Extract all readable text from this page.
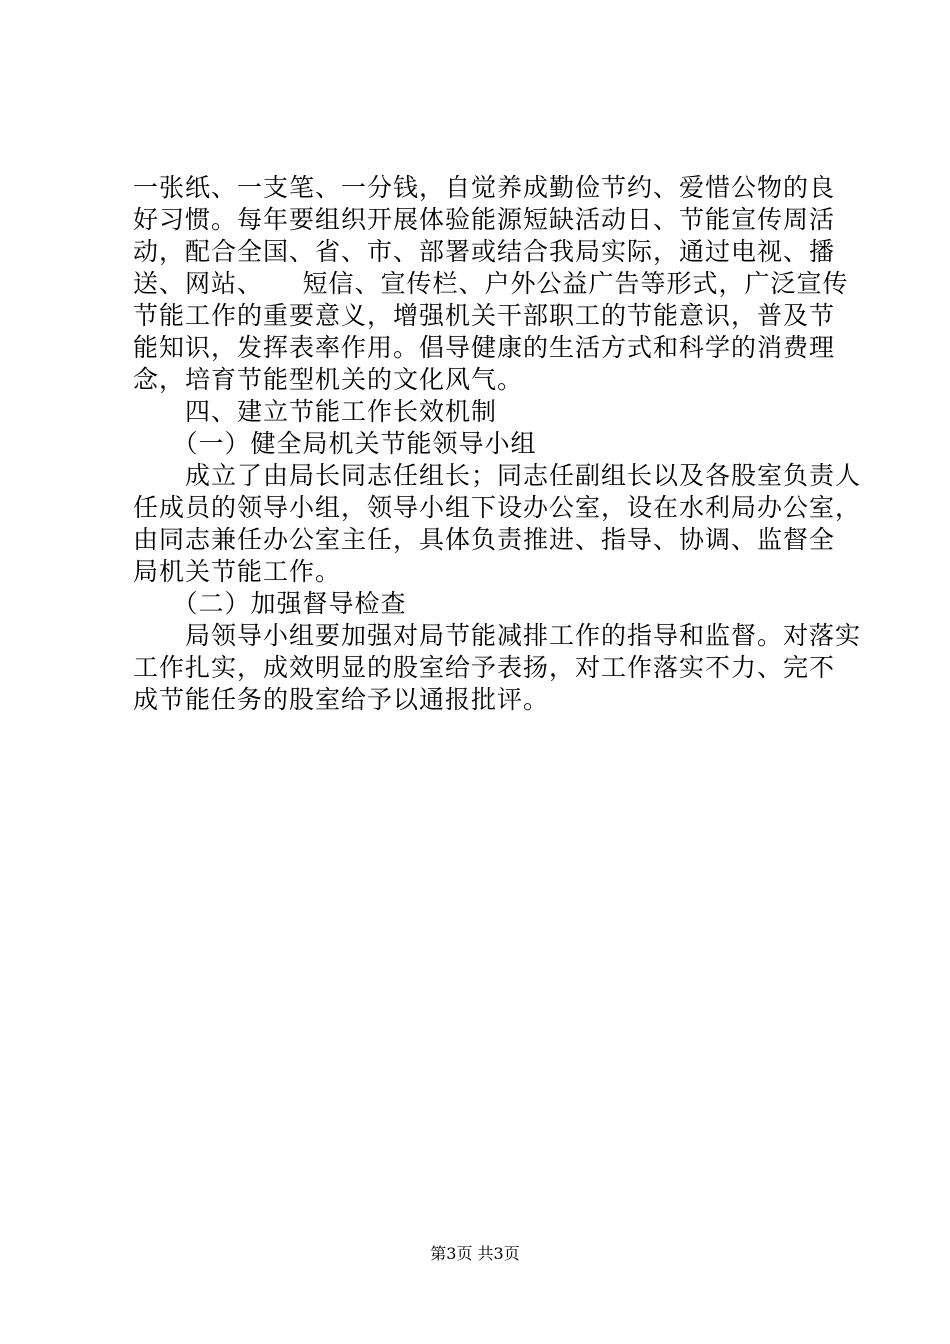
一张纸、一支笔、一分钱，自觉养成勤俭节约、爱惜公物的良
好习惯。每年要组织开展体验能源短缺活动日、节能宣传周活
动，配合全国、省、市、部署或结合我局实际，通过电视、播
送、网站、　　短信、宣传栏、户外公益广告等形式，广泛宣传
节能工作的重要意义，增强机关干部职工的节能意识，普及节
能知识，发挥表率作用。倡导健康的生活方式和科学的消费理
念，培育节能型机关的文化风气。
　　四、建立节能工作长效机制
　　（一）健全局机关节能领导小组
　　成立了由局长同志任组长；同志任副组长以及各股室负责人
任成员的领导小组，领导小组下设办公室，设在水利局办公室，
由同志兼任办公室主任，具体负责推进、指导、协调、监督全
局机关节能工作。
　　（二）加强督导检查
　　局领导小组要加强对局节能减排工作的指导和监督。对落实
工作扎实，成效明显的股室给予表扬，对工作落实不力、完不
成节能任务的股室给予以通报批评。
第3页 共3页
